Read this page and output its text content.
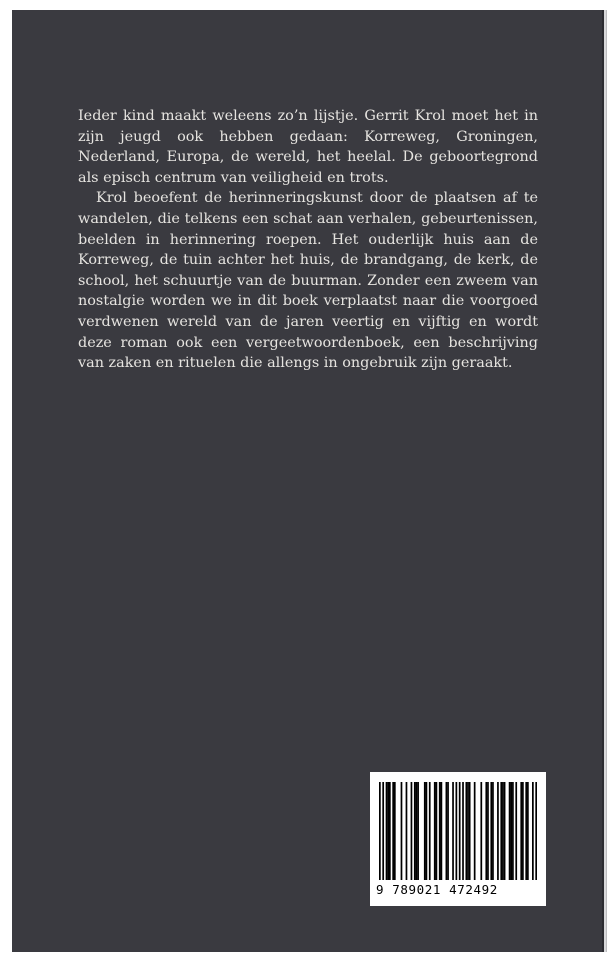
Ieder kind maakt weleens zo’n lijstje. Gerrit Krol moet het in zijn jeugd ook hebben gedaan: Korreweg, Groningen, Nederland, Europa, de wereld, het heelal. De geboortegrond als episch centrum van veiligheid en trots.

Krol beoefent de herinneringskunst door de plaatsen af te wandelen, die telkens een schat aan verhalen, gebeurtenissen, beelden in herinnering roepen. Het ouderlijk huis aan de Korreweg, de tuin achter het huis, de brandgang, de kerk, de school, het schuurtje van de buurman. Zonder een zweem van nostalgie worden we in dit boek verplaatst naar die voorgoed verdwenen wereld van de jaren veertig en vijftig en wordt deze roman ook een vergeetwoordenboek, een beschrijving van zaken en rituelen die allengs in ongebruik zijn geraakt.

9 789021 472492
